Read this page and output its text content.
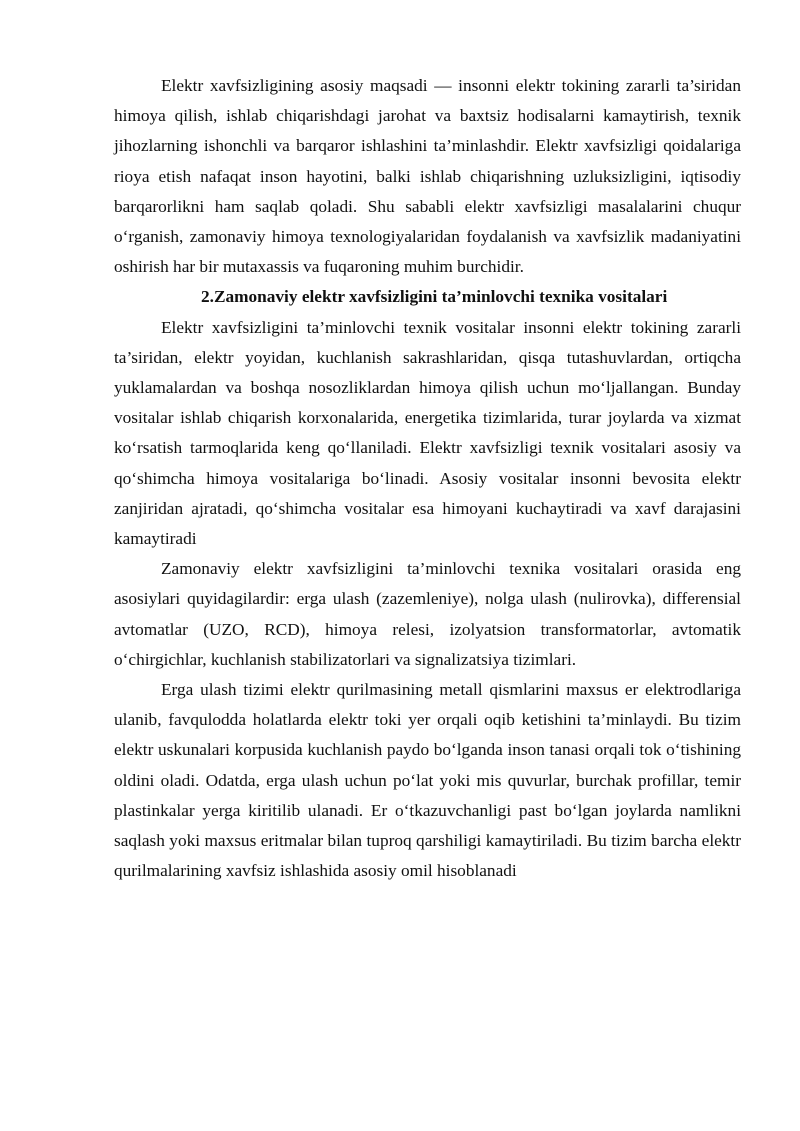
Elektr xavfsizligining asosiy maqsadi — insonni elektr tokining zararli ta’siridan himoya qilish, ishlab chiqarishdagi jarohat va baxtsiz hodisalarni kamaytirish, texnik jihozlarning ishonchli va barqaror ishlashini ta’minlashdir. Elektr xavfsizligi qoidalariga rioya etish nafaqat inson hayotini, balki ishlab chiqarishning uzluksizligini, iqtisodiy barqarorlikni ham saqlab qoladi. Shu sababli elektr xavfsizligi masalalarini chuqur o‘rganish, zamonaviy himoya texnologiyalaridan foydalanish va xavfsizlik madaniyatini oshirish har bir mutaxassis va fuqaroning muhim burchidir.

2.Zamonaviy elektr xavfsizligini ta’minlovchi texnika vositalari

Elektr xavfsizligini ta’minlovchi texnik vositalar insonni elektr tokining zararli ta’siridan, elektr yoyidan, kuchlanish sakrashlaridan, qisqa tutashuvlardan, ortiqcha yuklamalardan va boshqa nosozliklardan himoya qilish uchun mo‘ljallangan. Bunday vositalar ishlab chiqarish korxonalarida, energetika tizimlarida, turar joylarda va xizmat ko‘rsatish tarmoqlarida keng qo‘llaniladi. Elektr xavfsizligi texnik vositalari asosiy va qo‘shimcha himoya vositalariga bo‘linadi. Asosiy vositalar insonni bevosita elektr zanjiridan ajratadi, qo‘shimcha vositalar esa himoyani kuchaytiradi va xavf darajasini kamaytiradi

Zamonaviy elektr xavfsizligini ta’minlovchi texnika vositalari orasida eng asosiylari quyidagilardir: erga ulash (zazemleniye), nolga ulash (nulirovka), differensial avtomatlar (UZO, RCD), himoya relesi, izolyatsion transformatorlar, avtomatik o‘chirgichlar, kuchlanish stabilizatorlari va signalizatsiya tizimlari.

Erga ulash tizimi elektr qurilmasining metall qismlarini maxsus er elektrodlariga ulanib, favqulodda holatlarda elektr toki yer orqali oqib ketishini ta’minlaydi. Bu tizim elektr uskunalari korpusida kuchlanish paydo bo‘lganda inson tanasi orqali tok o‘tishining oldini oladi. Odatda, erga ulash uchun po‘lat yoki mis quvurlar, burchak profillar, temir plastinkalar yerga kiritilib ulanadi. Er o‘tkazuvchanligi past bo‘lgan joylarda namlikni saqlash yoki maxsus eritmalar bilan tuproq qarshiligi kamaytiriladi. Bu tizim barcha elektr qurilmalarining xavfsiz ishlashida asosiy omil hisoblanadi
